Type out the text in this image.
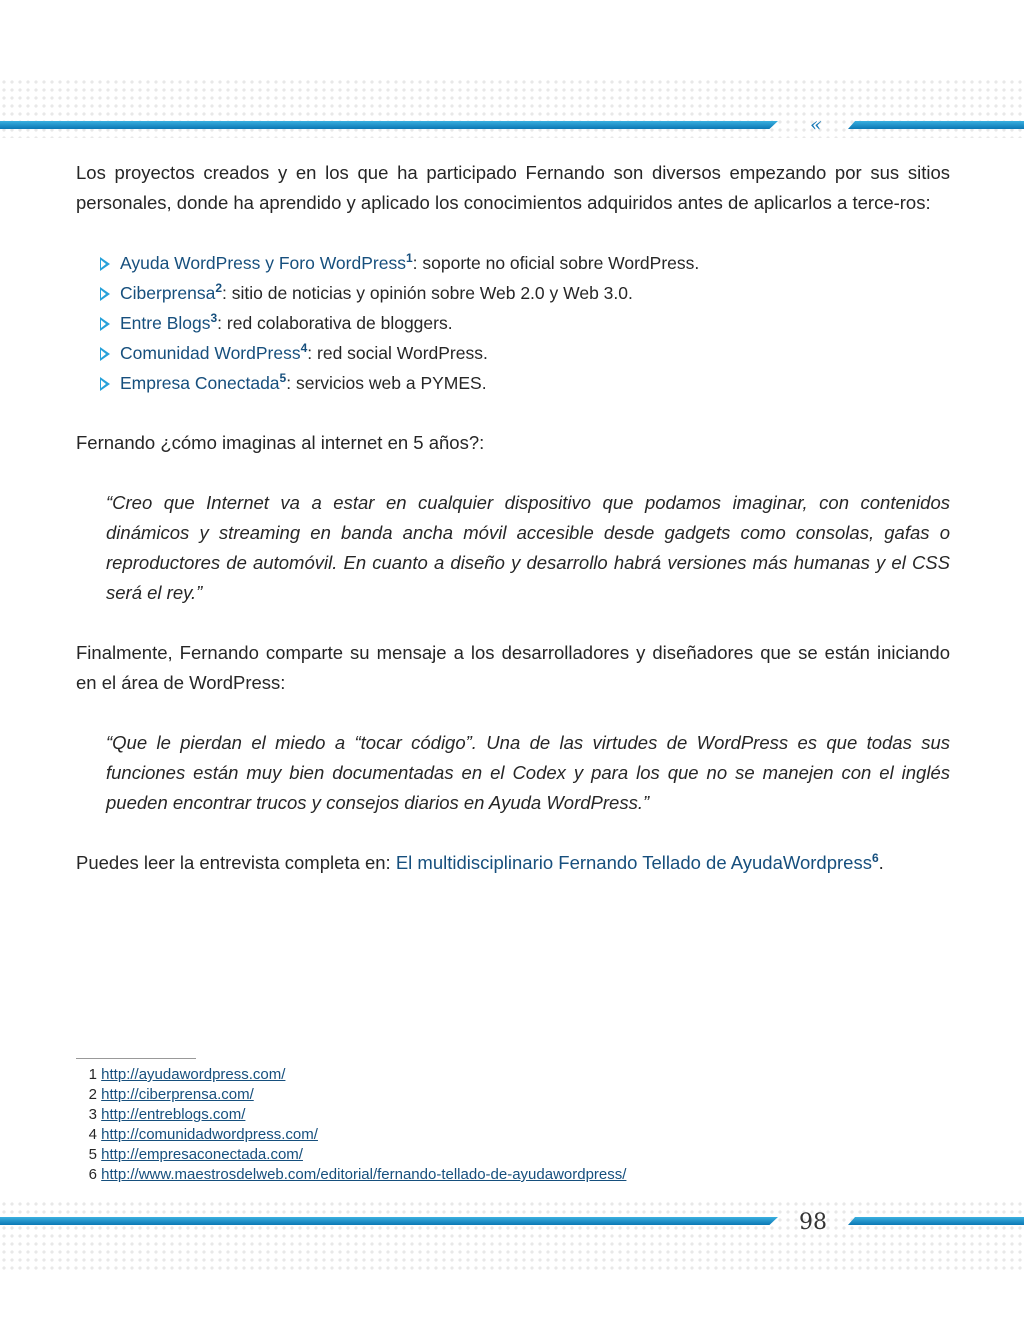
«

Los proyectos creados y en los que ha participado Fernando son diversos empezando por sus sitios personales, donde ha aprendido y aplicado los conocimientos adquiridos antes de aplicarlos a terce-ros:

Ayuda WordPress y Foro WordPress$^1$: soporte no oficial sobre WordPress.
Ciberprensa$^2$: sitio de noticias y opinión sobre Web 2.0 y Web 3.0.
Entre Blogs$^3$: red colaborativa de bloggers.
Comunidad WordPress$^4$: red social WordPress.
Empresa Conectada$^5$: servicios web a PYMES.

Fernando ¿cómo imaginas al internet en 5 años?:

“Creo que Internet va a estar en cualquier dispositivo que podamos imaginar, con contenidos dinámicos y streaming en banda ancha móvil accesible desde gadgets como consolas, gafas o reproductores de automóvil. En cuanto a diseño y desarrollo habrá versiones más humanas y el CSS será el rey.”

Finalmente, Fernando comparte su mensaje a los desarrolladores y diseñadores que se están iniciando en el área de WordPress:

“Que le pierdan el miedo a “tocar código”. Una de las virtudes de WordPress es que todas sus funciones están muy bien documentadas en el Codex y para los que no se manejen con el inglés pueden encontrar trucos y consejos diarios en Ayuda WordPress.”

Puedes leer la entrevista completa en: El multidisciplinario Fernando Tellado de AyudaWordpress$^6$.

1
http://ayudawordpress.com/
2
http://ciberprensa.com/
3
http://entreblogs.com/
4
http://comunidadwordpress.com/
5
http://empresaconectada.com/
6
http://www.maestrosdelweb.com/editorial/fernando-tellado-de-ayudawordpress/
98
